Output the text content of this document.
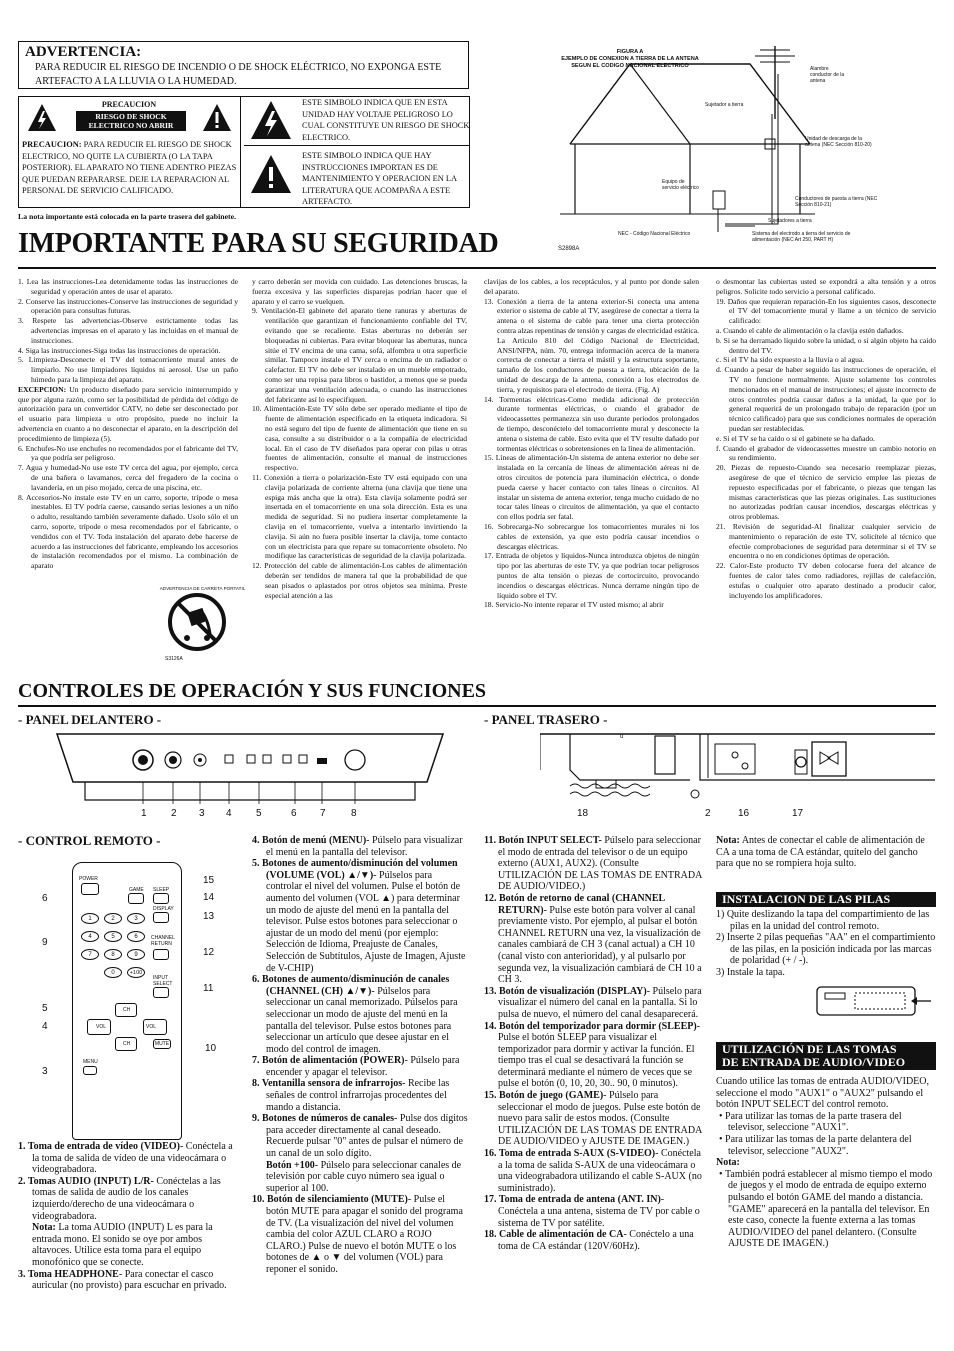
ADVERTENCIA:
PARA REDUCIR EL RIESGO DE INCENDIO O DE SHOCK ELÉCTRICO, NO EXPONGA ESTE ARTEFACTO A LA LLUVIA O LA HUMEDAD.
PRECAUCION
RIESGO DE SHOCK ELECTRICO NO ABRIR
PRECAUCION: PARA REDUCIR EL RIESGO DE SHOCK ELECTRICO, NO QUITE LA CUBIERTA (O LA TAPA POSTERIOR). EL APARATO NO TIENE ADENTRO PIEZAS QUE PUEDAN REPARARSE. DEJE LA REPARACION AL PERSONAL DE SERVICIO CALIFICADO.
ESTE SIMBOLO INDICA QUE EN ESTA UNIDAD HAY VOLTAJE PELIGROSO LO CUAL CONSTITUYE UN RIESGO DE SHOCK ELECTRICO.
ESTE SIMBOLO INDICA QUE HAY INSTRUCCIONES IMPORTAN ES DE MANTENIMIENTO Y OPERACION EN LA LITERATURA QUE ACOMPAÑA A ESTE ARTEFACTO.
La nota importante está colocada en la parte trasera del gabinete.
FIGURA A
EJEMPLO DE CONEXION A TIERRA DE LA ANTENA
SEGUN EL CODIGO NACIONAL ELECTRICO	Alambre conductor de la antena
Sujetador a tierra
Unidad de descarga de la antena (NEC Sección 810-20)
Equipo de servicio eléctrico
Conductores de puesta a tierra (NEC Sección 810-21)
Sujetadores a tierra
NEC - Código Nacional Eléctrico	Sistema del electrodo a tierra del servicio de alimentación (NEC Art 250, PART H)
S2898A
IMPORTANTE PARA SU SEGURIDAD

1. Lea las instrucciones-Lea detenidamente todas las instrucciones de seguridad y operación antes de usar el aparato.

2. Conserve las instrucciones-Conserve las instrucciones de seguridad y operación para consultas futuras.

3. Respete las advertencias-Observe estrictamente todas las advertencias impresas en el aparato y las incluidas en el manual de instrucciones.

4. Siga las instrucciones-Siga todas las instrucciones de operación.

5. Limpieza-Desconecte el TV del tomacorriente mural antes de limpiarlo. No use limpiadores líquidos ni aerosol. Use un paño húmedo para la limpieza del aparato.

EXCEPCION: Un producto diseñado para servicio ininterrumpido y que por alguna razón, como ser la posibilidad de pérdida del código de autorización para un convertidor CATV, no debe ser desconectado por el usuario para limpieza u otro propósito, puede no incluir la advertencia en cuanto a no desconectar el aparato, en la descripción del procedimiento de limpieza (5).

6. Enchufes-No use enchufes no recomendados por el fabricante del TV, ya que podría ser peligroso.

7. Agua y humedad-No use este TV cerca del agua, por ejemplo, cerca de una bañera o lavamanos, cerca del fregadero de la cocina o lavandería, en un piso mojado, cerca de una piscina, etc.

8. Accesorios-No instale este TV en un carro, soporte, trípode o mesa inestables. El TV podría caerse, causando serias lesiones a un niño o adulto, resultando también severamente dañado. Usolo sólo el un carro, soporte, trípode o mesa recomendados por el fabricante, o vendidos con el TV. Toda instalación del aparato debe hacerse de acuerdo a las instrucciones del fabricante, empleando los accesorios de instalación recomendados por el mismo. La combinación de aparato

y carro deberán ser movida con cuidado. Las detenciones bruscas, la fuerza excesiva y las superficies disparejas podrían hacer que el aparato y el carro se vuelquen.

9. Ventilación-El gabinete del aparato tiene ranuras y aberturas de ventilación que garantizan el funcionamiento confiable del TV, evitando que se recaliente. Estas aberturas no deberán ser bloqueadas ni cubiertas. Para evitar bloquear las aberturas, nunca sitúe el TV encima de una cama, sofá, alfombra u otra superficie similar. Tampoco instale el TV cerca o encima de un radiador o calefactor. El TV no debe ser instalado en un mueble empotrado, como ser una repisa para libros o bastidor, a menos que se pueda garantizar una ventilación adecuada, o cuando las instrucciones del fabricante así lo especifiquen.

10. Alimentación-Este TV sólo debe ser operado mediante el tipo de fuente de alimentación especificado en la etiqueta indicadora. Si no está seguro del tipo de fuente de alimentación que tiene en su casa, consulte a su distribuidor o a la compañía de electricidad local. En el caso de TV diseñados para operar con pilas u otras fuentes de alimentación, consulte el manual de instrucciones respectivo.

11. Conexión a tierra o polarización-Este TV está equipado con una clavija polarizada de corriente alterna (una clavija que tiene una espiga más ancha que la otra). Esta clavija solamente podrá ser insertada en el tomacorriente en una sola dirección. Esta es una medida de seguridad. Si no pudiera insertar completamente la clavija en el tomacorriente, vuelva a intentarlo invirtiendo la clavija. Si aún no fuera posible insertar la clavija, tome contacto con un electricista para que repare su tomacorriente obsoleto. No modifique las características de seguridad de la clavija polarizada.

12. Protección del cable de alimentación-Los cables de alimentación deberán ser tendidos de manera tal que la probabilidad de que sean pisados o aplastados por otros objetos sea mínima. Preste especial atención a las

clavijas de los cables, a los receptáculos, y al punto por donde salen del aparato.

13. Conexión a tierra de la antena exterior-Si conecta una antena exterior o sistema de cable al TV, asegúrese de conectar a tierra la antena o el sistema de cable para tener una cierta protección contra alzas repentinas de tensión y cargas de electricidad estática. La Artículo 810 del Código Nacional de Electricidad, ANSI/NFPA, núm. 70, entrega información acerca de la manera correcta de conectar a tierra el mástil y la estructura soportante, tamaño de los conductores de puesta a tierra, ubicación de la unidad de descarga de la antena, conexión a los electrodos de tierra, y requisitos para el electrodo de tierra. (Fig. A)

14. Tormentas eléctricas-Como medida adicional de protección durante tormentas eléctricas, o cuando el grabador de videocassettes permanezca sin uso durante períodos prolongados de tiempo, desconéctelo del tomacorriente mural y desconecte la antena o sistema de cable. Esto evita que el TV resulte dañado por tormentas eléctricas o sobretensiones en la línea de alimentación.

15. Líneas de alimentación-Un sistema de antena exterior no debe ser instalada en la cercanía de líneas de alimentación aéreas ni de otros circuitos de potencia para iluminación eléctrica, o donde pueda caerse y hacer contacto con tales líneas o circuitos. Al instalar un sistema de antena exterior, tenga mucho cuidado de no tocar tales líneas o circuitos de alimentación, ya que el contacto con ellos podría ser fatal.

16. Sobrecarga-No sobrecargue los tomacorrientes murales ni los cables de extensión, ya que esto podría causar incendios o descargas eléctricas.

17. Entrada de objetos y líquidos-Nunca introduzca objetos de ningún tipo por las aberturas de este TV, ya que podrían tocar peligrosos puntos de alta tensión o piezas de cortocircuito, provocando incendios o descargas eléctricas. Nunca derrame ningún tipo de líquido sobre el TV.

18. Servicio-No intente reparar el TV usted mismo; al abrir

o desmontar las cubiertas usted se expondrá a alta tensión y a otros peligros. Solicite todo servicio a personal calificado.

19. Daños que requieran reparación-En los siguientes casos, desconecte el TV del tomacorriente mural y llame a un técnico de servicio calificado:

a. Cuando el cable de alimentación o la clavija estén dañados.

b. Si se ha derramado líquido sobre la unidad, o si algún objeto ha caído dentro del TV.

c. Si el TV ha sido expuesto a la lluvia o al agua.

d. Cuando a pesar de haber seguido las instrucciones de operación, el TV no funcione normalmente. Ajuste solamente los controles mencionados en el manual de instrucciones; el ajuste incorrecto de otros controles podría causar daños a la unidad, la que por lo general requerirá de un prolongado trabajo de reparación (por un técnico calificado) para que sus condiciones normales de operación puedan ser restablecidas.

e. Si el TV se ha caído o si el gabinete se ha dañado.

f. Cuando el grabador de videocassettes muestre un cambio notorio en su rendimiento.

20. Piezas de repuesto-Cuando sea necesario reemplazar piezas, asegúrese de que el técnico de servicio emplee las piezas de repuesto especificadas por el fabricante, o piezas que tengan las mismas características que las piezas originales. Las sustituciones no autorizadas podrían causar incendios, descargas eléctricas y otros problemas.

21. Revisión de seguridad-Al finalizar cualquier servicio de mantenimiento o reparación de este TV, solicítele al técnico que efectúe comprobaciones de seguridad para determinar si el TV se encuentra o no en condiciones óptimas de operación.

22. Calor-Este producto TV deben colocarse fuera del alcance de fuentes de calor tales como radiadores, rejillas de calefacción, estufas o cualquier otro aparato destinado a producir calor, incluyendo los amplificadores.

ADVERTENCIA DE CARRETA PORTATIL
S3126A
CONTROLES DE OPERACIÓN Y SUS FUNCIONES
- PANEL DELANTERO -	- PANEL TRASERO -
1 2 3 4 5	6 7	8
u
18	2	16	17
- CONTROL REMOTO -
POWER
GAME SLEEP
DISPLAY
1	2	3
4	5	6
7	8	9
0	+100
CHANNEL RETURN
INPUT SELECT
CH
VOL	VOL
CH	MUTE
MENU
15
6	14
13
9
12
11
5
4
10
3

1. Toma de entrada de vídeo (VIDEO)- Conéctela a la toma de salida de vídeo de una videocámara o videograbadora.

2. Tomas AUDIO (INPUT) L/R- Conéctelas a las tomas de salida de audio de los canales izquierdo/derecho de una videocámara o videograbadora.

Nota: La toma AUDIO (INPUT) L es para la entrada mono. El sonido se oye por ambos altavoces. Utilice esta toma para el equipo monofónico que se conecte.

3. Toma HEADPHONE- Para conectar el casco auricular (no provisto) para escuchar en privado.

4. Botón de menú (MENU)- Púlselo para visualizar el menú en la pantalla del televisor.

5. Botones de aumento/disminución del volumen (VOLUME (VOL) ▲/▼)- Púlselos para controlar el nivel del volumen. Pulse el botón de aumento del volumen (VOL ▲) para determinar un modo de ajuste del menú en la pantalla del televisor. Pulse estos botones para seleccionar o ajustar de un modo del menú (por ejemplo: Selección de Idioma, Preajuste de Canales, Selección de Subtítulos, Ajuste de Imagen, Ajuste de V-CHIP)

6. Botones de aumento/disminución de canales (CHANNEL (CH) ▲/▼)- Púlselos para seleccionar un canal memorizado. Púlselos para seleccionar un modo de ajuste del menú en la pantalla del televisor. Pulse estos botones para seleccionar un artículo que desee ajustar en el modo del control de imagen.

7. Botón de alimentación (POWER)- Púlselo para encender y apagar el televisor.

8. Ventanilla sensora de infrarrojos- Recibe las señales de control infrarrojas procedentes del mando a distancia.

9. Botones de números de canales- Pulse dos dígitos para acceder directamente al canal deseado. Recuerde pulsar "0" antes de pulsar el número de un canal de un solo dígito.

Botón +100- Púlselo para seleccionar canales de televisión por cable cuyo número sea igual o superior al 100.

10. Botón de silenciamiento (MUTE)- Pulse el botón MUTE para apagar el sonido del programa de TV. (La visualización del nivel del volumen cambia del color AZUL CLARO a ROJO CLARO.) Pulse de nuevo el botón MUTE o los botones de ▲ o ▼ del volumen (VOL) para reponer el sonido.

11. Botón INPUT SELECT- Púlselo para seleccionar el modo de entrada del televisor o de un equipo externo (AUX1, AUX2). (Consulte UTILIZACIÓN DE LAS TOMAS DE ENTRADA DE AUDIO/VIDEO.)

12. Botón de retorno de canal (CHANNEL RETURN)- Pulse este botón para volver al canal previamente visto. Por ejemplo, al pulsar el botón CHANNEL RETURN una vez, la visualización de canales cambiará de CH 3 (canal actual) a CH 10 (canal visto con anterioridad), y al pulsarlo por segunda vez, la visualización cambiará de CH 10 a CH 3.

13. Botón de visualización (DISPLAY)- Púlselo para visualizar el número del canal en la pantalla. Si lo pulsa de nuevo, el número del canal desaparecerá.

14. Botón del temporizador para dormir (SLEEP)- Pulse el botón SLEEP para visualizar el temporizador para dormir y activar la función. El tiempo tras el cual se desactivará la función se determinará mediante el número de veces que se pulse el botón (0, 10, 20, 30.. 90, 0 minutos).

15. Botón de juego (GAME)- Púlselo para seleccionar el modo de juegos. Pulse este botón de nuevo para salir de estos modos. (Consulte UTILIZACIÓN DE LAS TOMAS DE ENTRADA DE AUDIO/VIDEO y AJUSTE DE IMAGEN.)

16. Toma de entrada S-AUX (S-VIDEO)- Conéctela a la toma de salida S-AUX de una videocámara o una videograbadora utilizando el cable S-AUX (no suministrado).

17. Toma de entrada de antena (ANT. IN)- Conéctela a una antena, sistema de TV por cable o sistema de TV por satélite.

18. Cable de alimentación de CA- Conéctelo a una toma de CA estándar (120V/60Hz).

Nota: Antes de conectar el cable de alimentación de CA a una toma de CA estándar, quítelo del gancho para que no se rompiera hoja sulto.
INSTALACION DE LAS PILAS

1) Quite deslizando la tapa del compartimiento de las pilas en la unidad del control remoto.

2) Inserte 2 pilas pequeñas "AA" en el compartimiento de las pilas, en la posición indicada por las marcas de polaridad (+ / -).

3) Instale la tapa.

UTILIZACIÓN DE LAS TOMAS
DE ENTRADA DE AUDIO/VIDEO

Cuando utilice las tomas de entrada AUDIO/VIDEO, seleccione el modo "AUX1" o "AUX2" pulsando el botón INPUT SELECT del control remoto.

• Para utilizar las tomas de la parte trasera del televisor, seleccione "AUX1".

• Para utilizar las tomas de la parte delantera del televisor, seleccione "AUX2".

Nota:

• También podrá establecer al mismo tiempo el modo de juegos y el modo de entrada de equipo externo pulsando el botón GAME del mando a distancia. "GAME" aparecerá en la pantalla del televisor. En este caso, conecte la fuente externa a las tomas AUDIO/VIDEO del panel delantero. (Consulte AJUSTE DE IMAGEN.)
